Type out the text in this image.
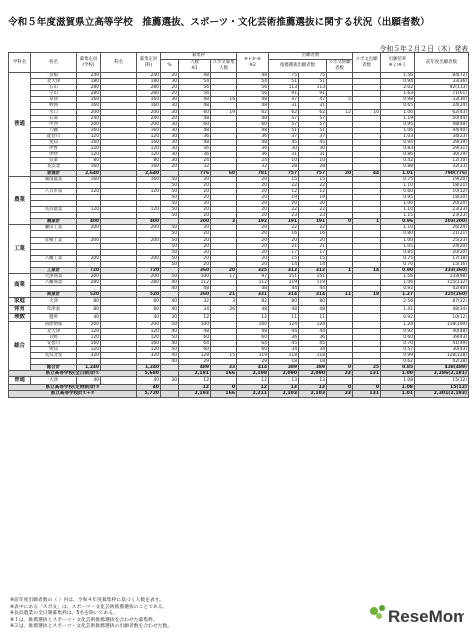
令和５年度滋賀県立高等学校　推薦選抜、スポーツ・文化芸術推薦選抜に関する状況（出願者数）
令和５年２月２日（木）発表
学科名	校名	募集定員(学校)	科名	募集定員(科)	募集枠			④+⑤-⑥
※2	出願者数			スポ文出願者数	出願倍率
※２/※１	前年度出願者数
					%	人数
※1	スポ文募集人数		推薦選抜出願者数		スポ文併願者数			
普通	彦根	240		240	20	48		48	75	75			1.56	84(72)
	北大津	180		180	30	54		54	51	51			0.94	33(36)
	石山	280		280	20	56		56	113	113			2.02	92(113)
	守山	280		280	20	56		56	91	91			1.63	71(61)
	草津	160		160	30	48	16	48	47	47	5		0.98	33(30)
	野洲	160		160	30	48		48	31	31			0.65	24(24)
	水口	200		200	30	60	19	62	62	62	12	10	1.00	62(43)
	石部	240		240	20	48		48	57	57			1.19	50(44)
	甲西	200		200	30	60		60	57	57			0.95	48(48)
	八幡	160		160	30	48		48	51	51			1.06	44(40)
	能登川	120		120	30	36		36	37	37			1.03	34(23)
	愛知	160		160	30	48		48	45	45			0.94	39(39)
	伊香	120		120	30	36		36	30	30			0.83	29(31)
	伊吹	120		120	30	36		36	31	31			0.86	30(29)
	信楽	80		80	30	24		24	10	10			0.42	12(10)
	長浜北	160		160	20	32		32	28	28			0.88	32(33)
	普通計	2,640		2,640		776	60	781	757	757	20	44	1.01	790(776)
農業	湖南農業	160		160	50	20		20	15	15			0.75	19(20)
					50	20		20	22	22			1.10	18(21)
	八日市南	120		120	50	20		20	12	12			0.60	10(12)
					50	20		20	19	19			0.95	18(20)
					50	20		20	20	20			1.00	20(20)
	長浜農業	120		120	50	20		20	22	22			1.10	23(23)
					50	20		20	23	23			1.15	23(23)
	農業計	400		400		200	3	192	191	191	0	1	0.96	203(200)
工業	瀬田工業	200		200	50	20		20	22	22			1.10	26(24)
					50	20		20	16	16			0.80	21(21)
	彦根工業	200		200	50	20		20	20	20			1.00	25(23)
					50	20		20	21	21			1.05	24(20)
					50	20		20	17	17			0.85	20(20)
	八幡工業	200		200	50	20		20	15	15			0.75	17(18)
					50	20		20	14	14			0.70	15(16)
	工業計	720		720		360	20	325	312	312	1	14	0.90	333(360)
商業	大津商業	200		200	50	100	17	97	151	151			1.56	133(98)
	八幡商業	280		280	40	112		112	119	119			1.06	115(112)
					40	48		48	44	44			0.92	42(40)
	商業計	520		520		260	21	331	314	314	11	18	1.27	325(260)
家庭	大津	80		80	40	32	3	82	80	80			2.56	87(32)
体育	草津東	80		80	40	34	26	48	48	48			1.41	48(34)
理数	膳所	40		40	30	12		12	11	11			0.92	10(12)
総合	国際情報	200		200	50	100		100	124	124			1.24	118(100)
	北大津	120		120	40	48		48	44	44			0.92	40(48)
	日野	120		120	50	60		60	36	36			0.60	39(43)
	安曇川	160		160	40	64		64	45	45			0.70	41(49)
	愛知	120		120	50	60		60	34	34			0.57	30(43)
	長浜北星	320		320	40	128	15	119	118	118			0.99	128(128)
					40	29		29	18	18			0.62	42(38)
	総合計	1,240		1,240		489	33	414	389	389	0	25	0.85	438(489)
県立高等学校(全日制)計①				5,680		2,181	166	2,198	2,090	2,090	23	131	1.00	2,286(2,181)
普通	大津	40		40	30	12		12	13	13			1.08	15(12)
県立高等学校(定時制)計②				40		12	0	12	13	13	0	0	1.08	15(12)
県立高等学校計①+②				5,720		2,193	166	2,211	2,103	2,103	23	131	1.01	2,301(2,193)
※前年度出願者数の（ ）内は、令和４年度募集枠に基づく人数を表す。
※表中にある「スポ文」は、スポーツ・文化芸術推薦選抜のことである。
※長浜農業の全日制募集枠は、5名を除いてある。
※１は、推薦選抜とスポーツ・文化芸術推薦選抜を合わせた募集枠。
※２は、推薦選抜とスポーツ・文化芸術推薦選抜の出願者数を合わせた数。
ReseMom
